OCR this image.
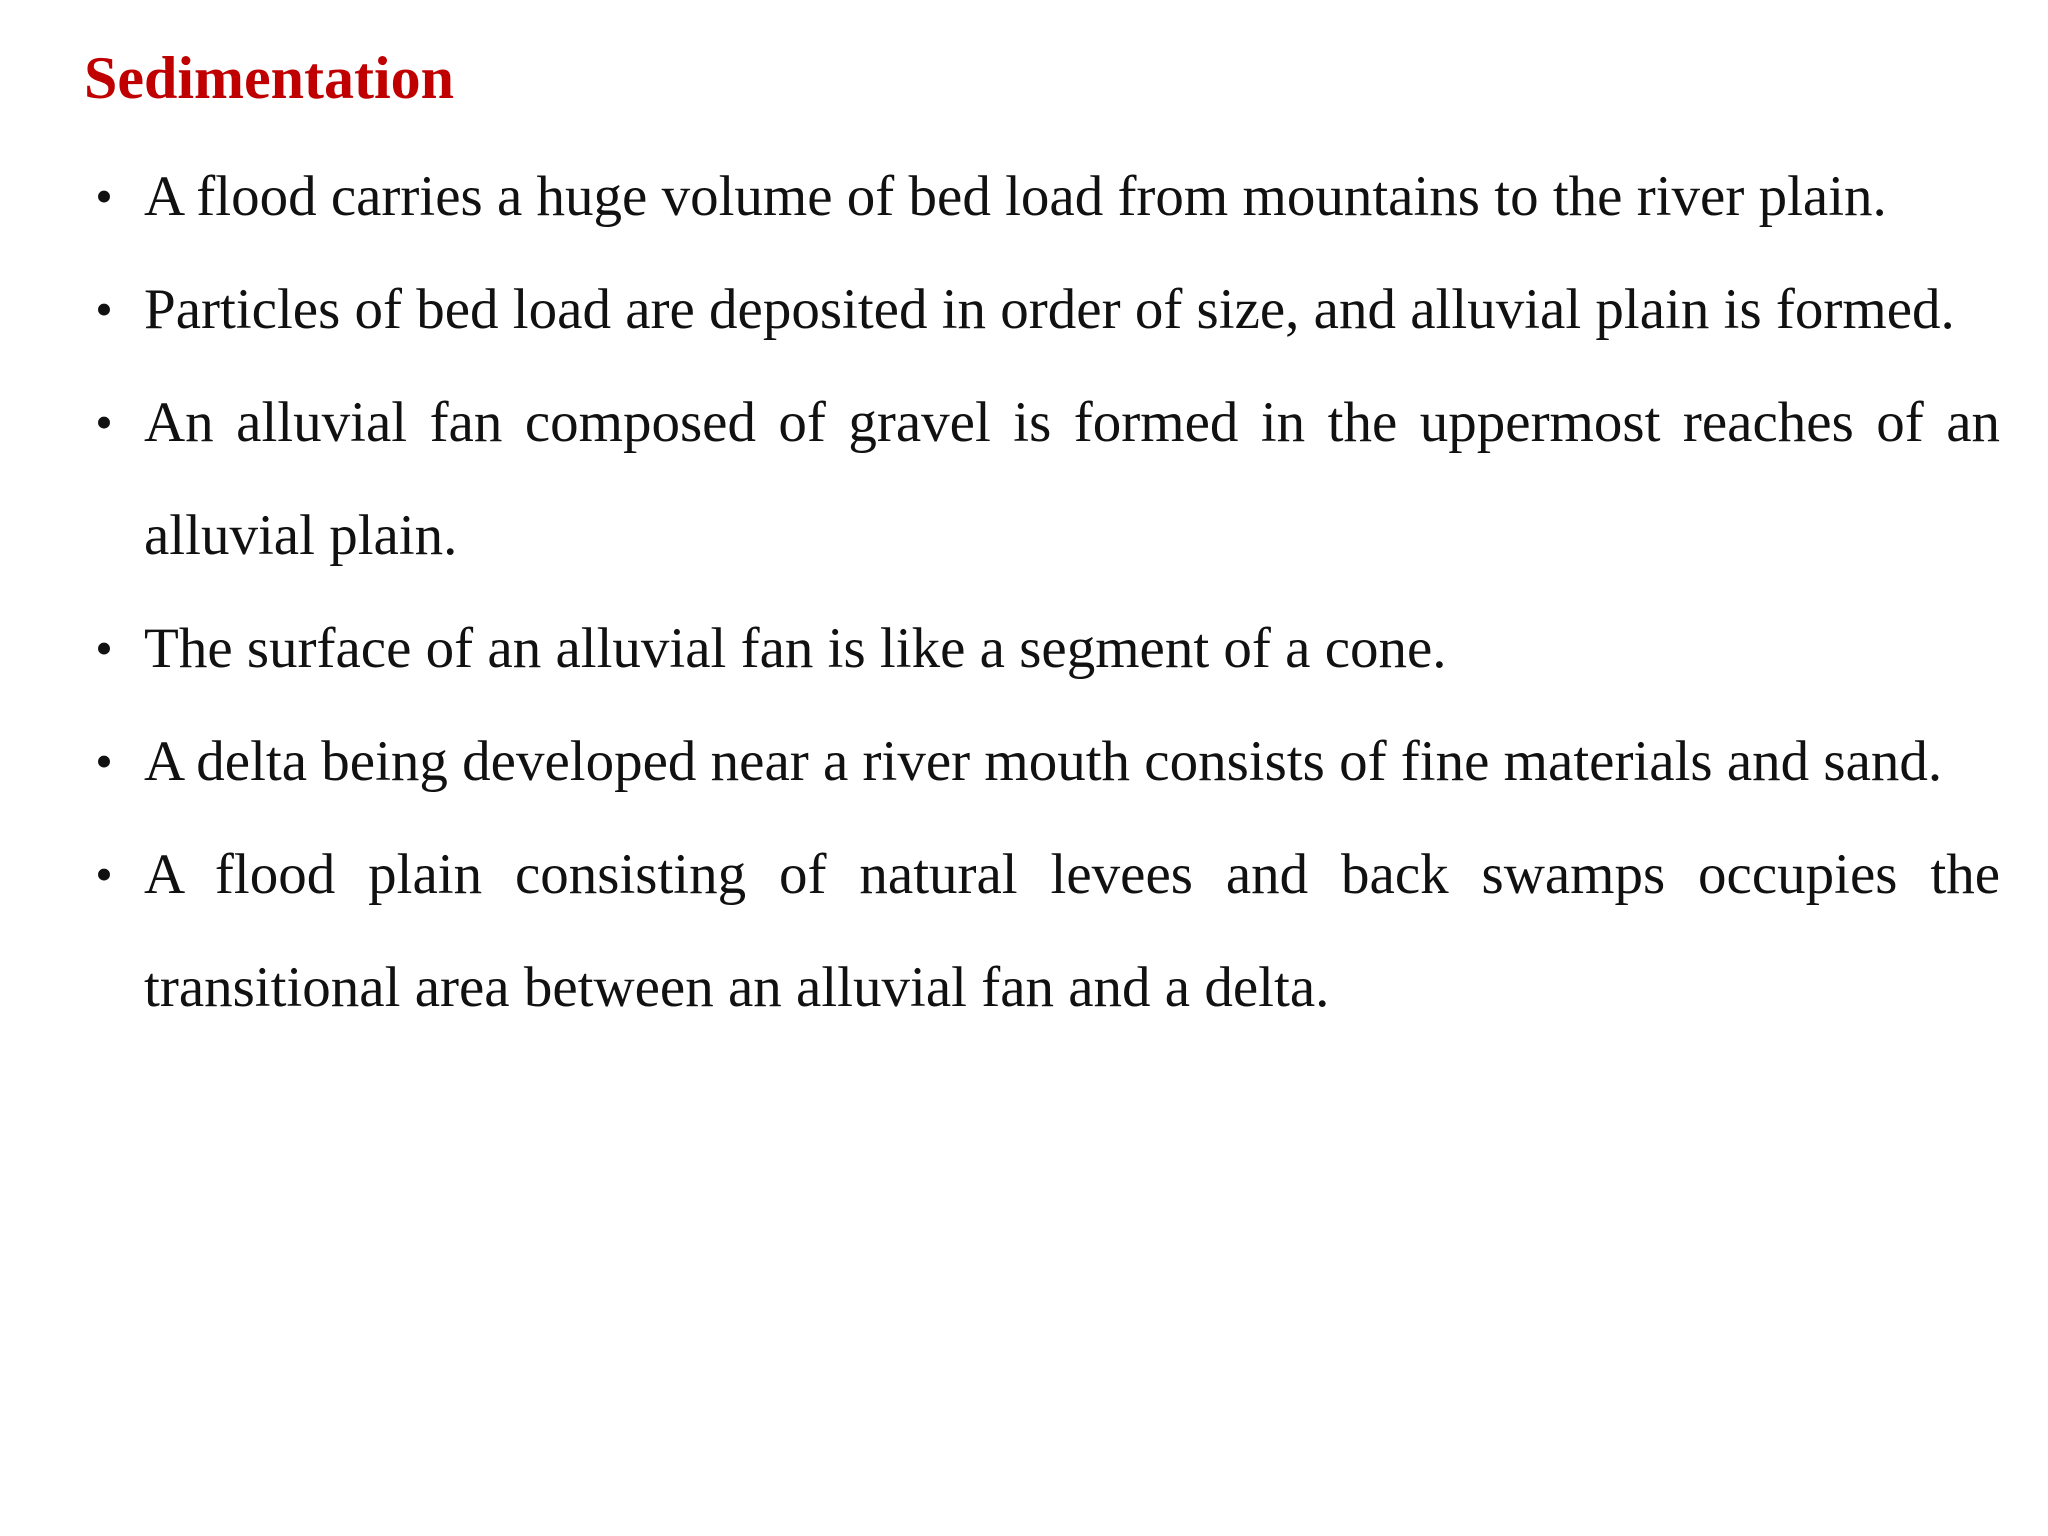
Sedimentation
• A flood carries a huge volume of bed load from mountains to the river plain.
• Particles of bed load are deposited in order of size, and alluvial plain is formed.
• An alluvial fan composed of gravel is formed in the uppermost reaches of an alluvial plain.
• The surface of an alluvial fan is like a segment of a cone.
• A delta being developed near a river mouth consists of fine materials and sand.
• A flood plain consisting of natural levees and back swamps occupies the transitional area between an alluvial fan and a delta.
